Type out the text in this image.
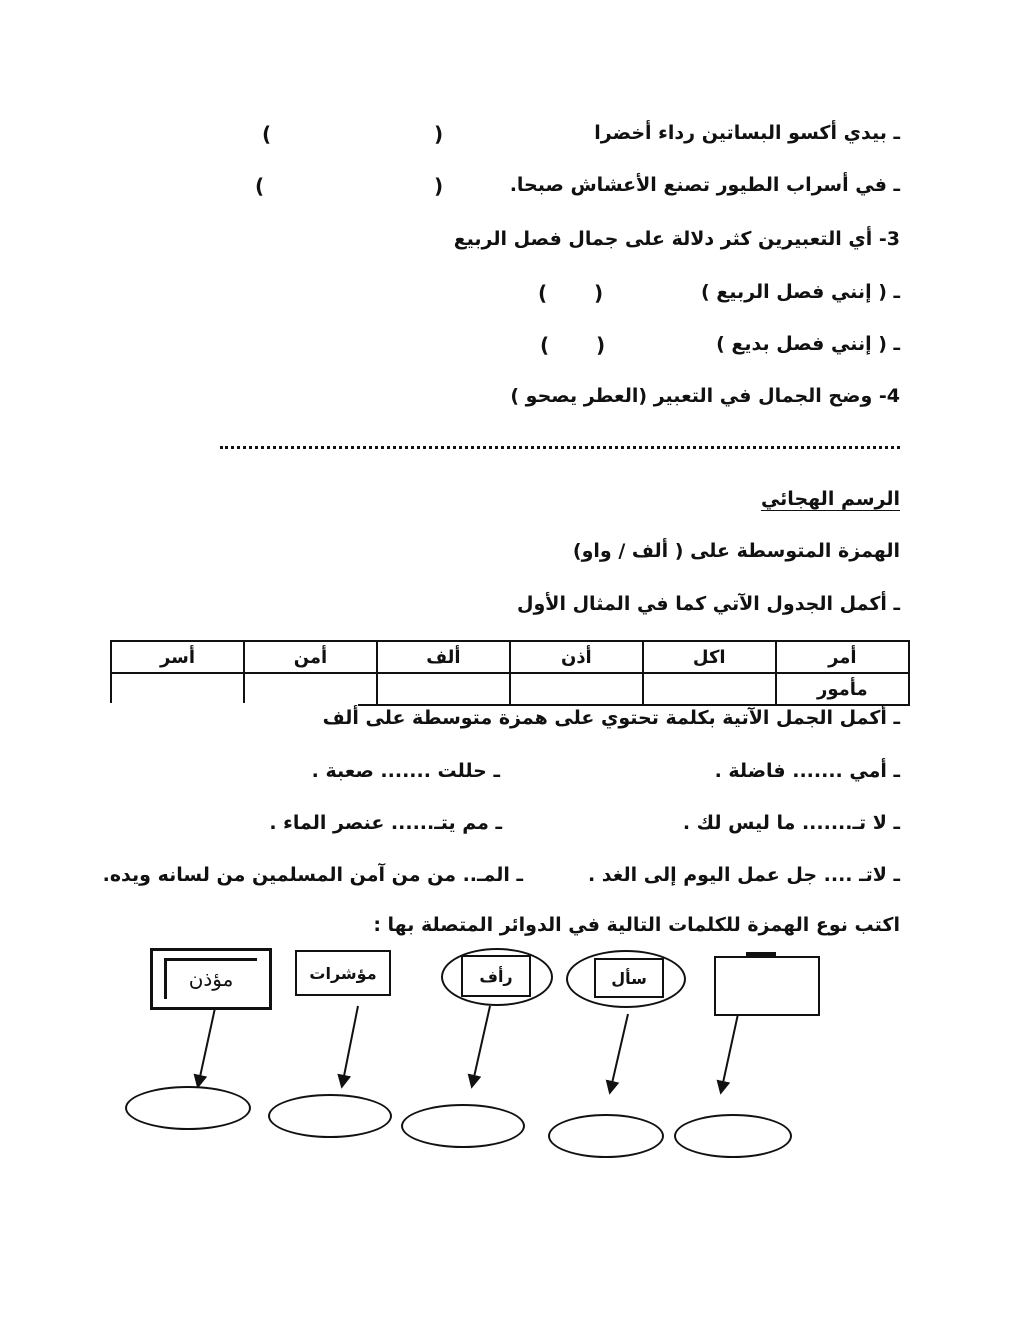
ـ بيدي أكسو البساتين رداء أخضرا
(
)
ـ في أسراب الطيور تصنع الأعشاش صبحا.
(
)
3- أي التعبيرين كثر دلالة على جمال فصل الربيع
ـ ( إنني فصل الربيع )
(
)
ـ ( إنني فصل بديع )
(
)
4- وضح الجمال في التعبير (العطر يصحو )
الرسم الهجائي
الهمزة المتوسطة على ( ألف / واو)
ـ أكمل الجدول الآتي كما في المثال الأول
أمر	اكل	أذن	ألف	أمن	أسر
مأمور					
ـ أكمل الجمل الآتية بكلمة تحتوي على همزة متوسطة على ألف
ـ أمي ....... فاضلة .
ـ حللت ....... صعبة .
ـ لا تـ....... ما ليس لك .
ـ مم يتـ...... عنصر الماء .
ـ لاتـ .... جل عمل اليوم إلى الغد .
ـ المـ.. من من آمن المسلمين من لسانه ويده.
اكتب نوع الهمزة للكلمات التالية في الدوائر المتصلة بها :
سأل
رأف
مؤشرات
مؤذن
